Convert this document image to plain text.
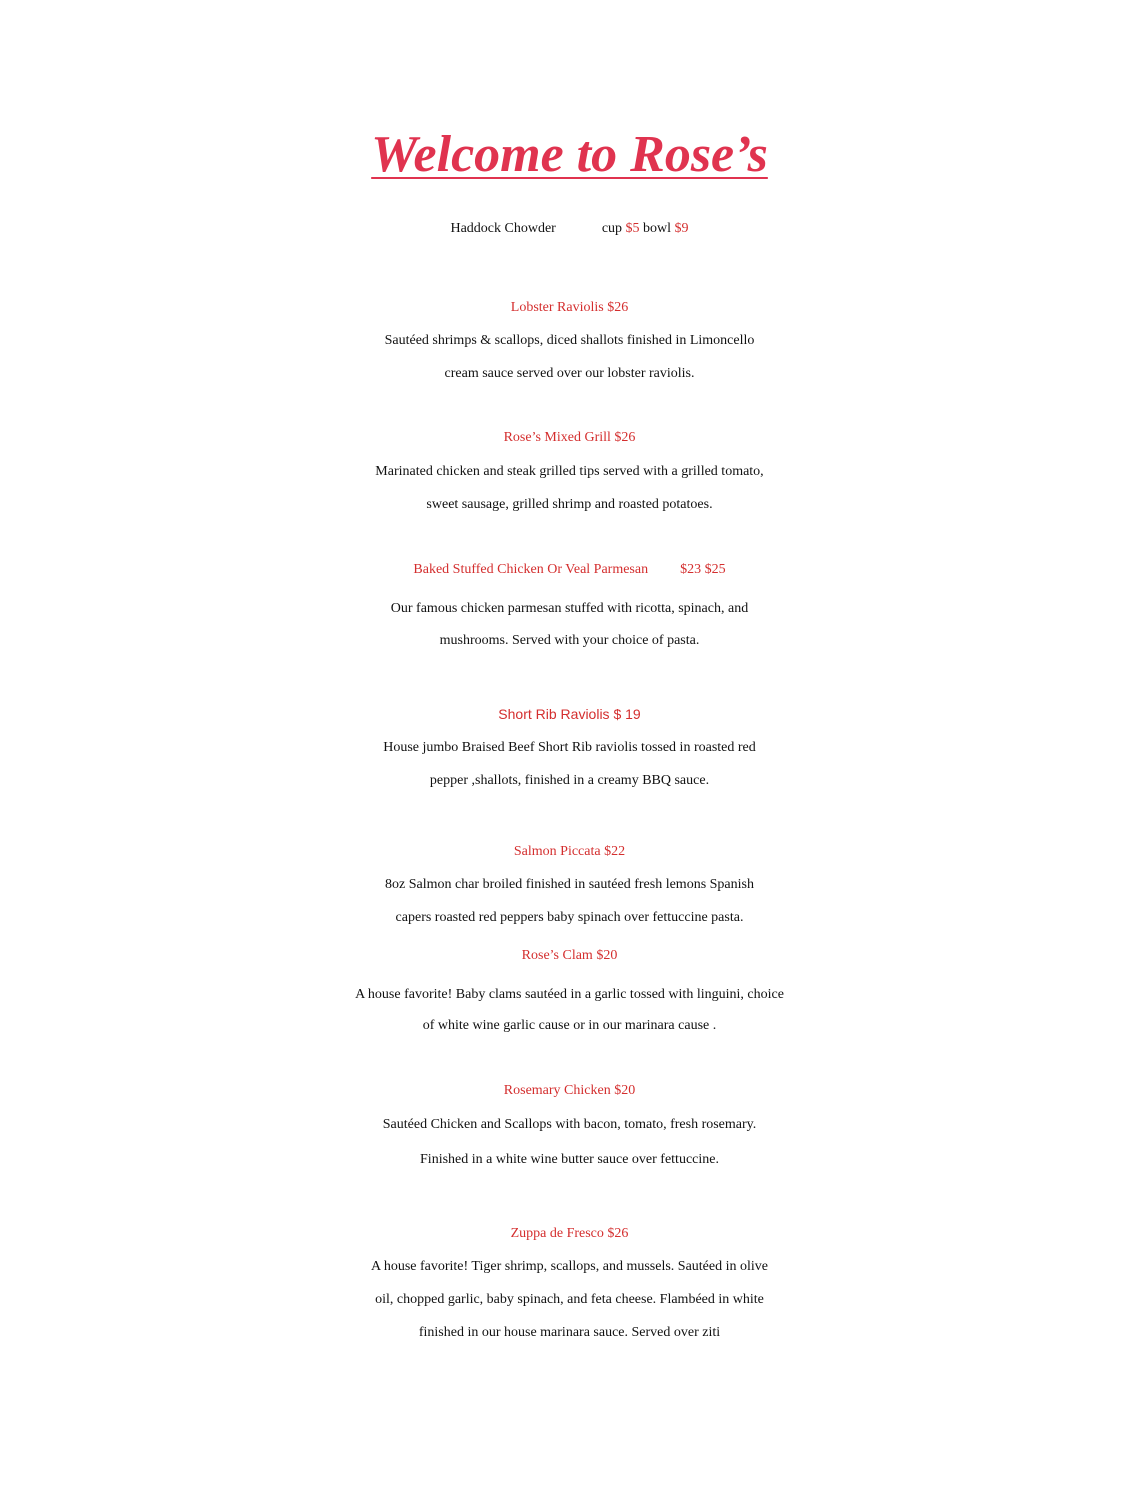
Welcome to Rose’s
Haddock Chowder	cup $5 bowl $9
Lobster Raviolis $26
Sautéed shrimps & scallops, diced shallots finished in Limoncello
cream sauce served over our lobster raviolis.
Rose’s Mixed Grill $26
Marinated chicken and steak grilled tips served with a grilled tomato,
sweet sausage, grilled shrimp and roasted potatoes.
Baked Stuffed Chicken Or Veal Parmesan $23 $25
Our famous chicken parmesan stuffed with ricotta, spinach, and
mushrooms. Served with your choice of pasta.
Short Rib Raviolis $ 19
House jumbo Braised Beef Short Rib raviolis tossed in roasted red
pepper ,shallots, finished in a creamy BBQ sauce.
Salmon Piccata $22
8oz Salmon char broiled finished in sautéed fresh lemons Spanish
capers roasted red peppers baby spinach over fettuccine pasta.
Rose’s Clam $20
A house favorite! Baby clams sautéed in a garlic tossed with linguini, choice
of white wine garlic cause or in our marinara cause .
Rosemary Chicken $20
Sautéed Chicken and Scallops with bacon, tomato, fresh rosemary.
Finished in a white wine butter sauce over fettuccine.
Zuppa de Fresco $26
A house favorite! Tiger shrimp, scallops, and mussels. Sautéed in olive
oil, chopped garlic, baby spinach, and feta cheese. Flambéed in white
finished in our house marinara sauce. Served over ziti
